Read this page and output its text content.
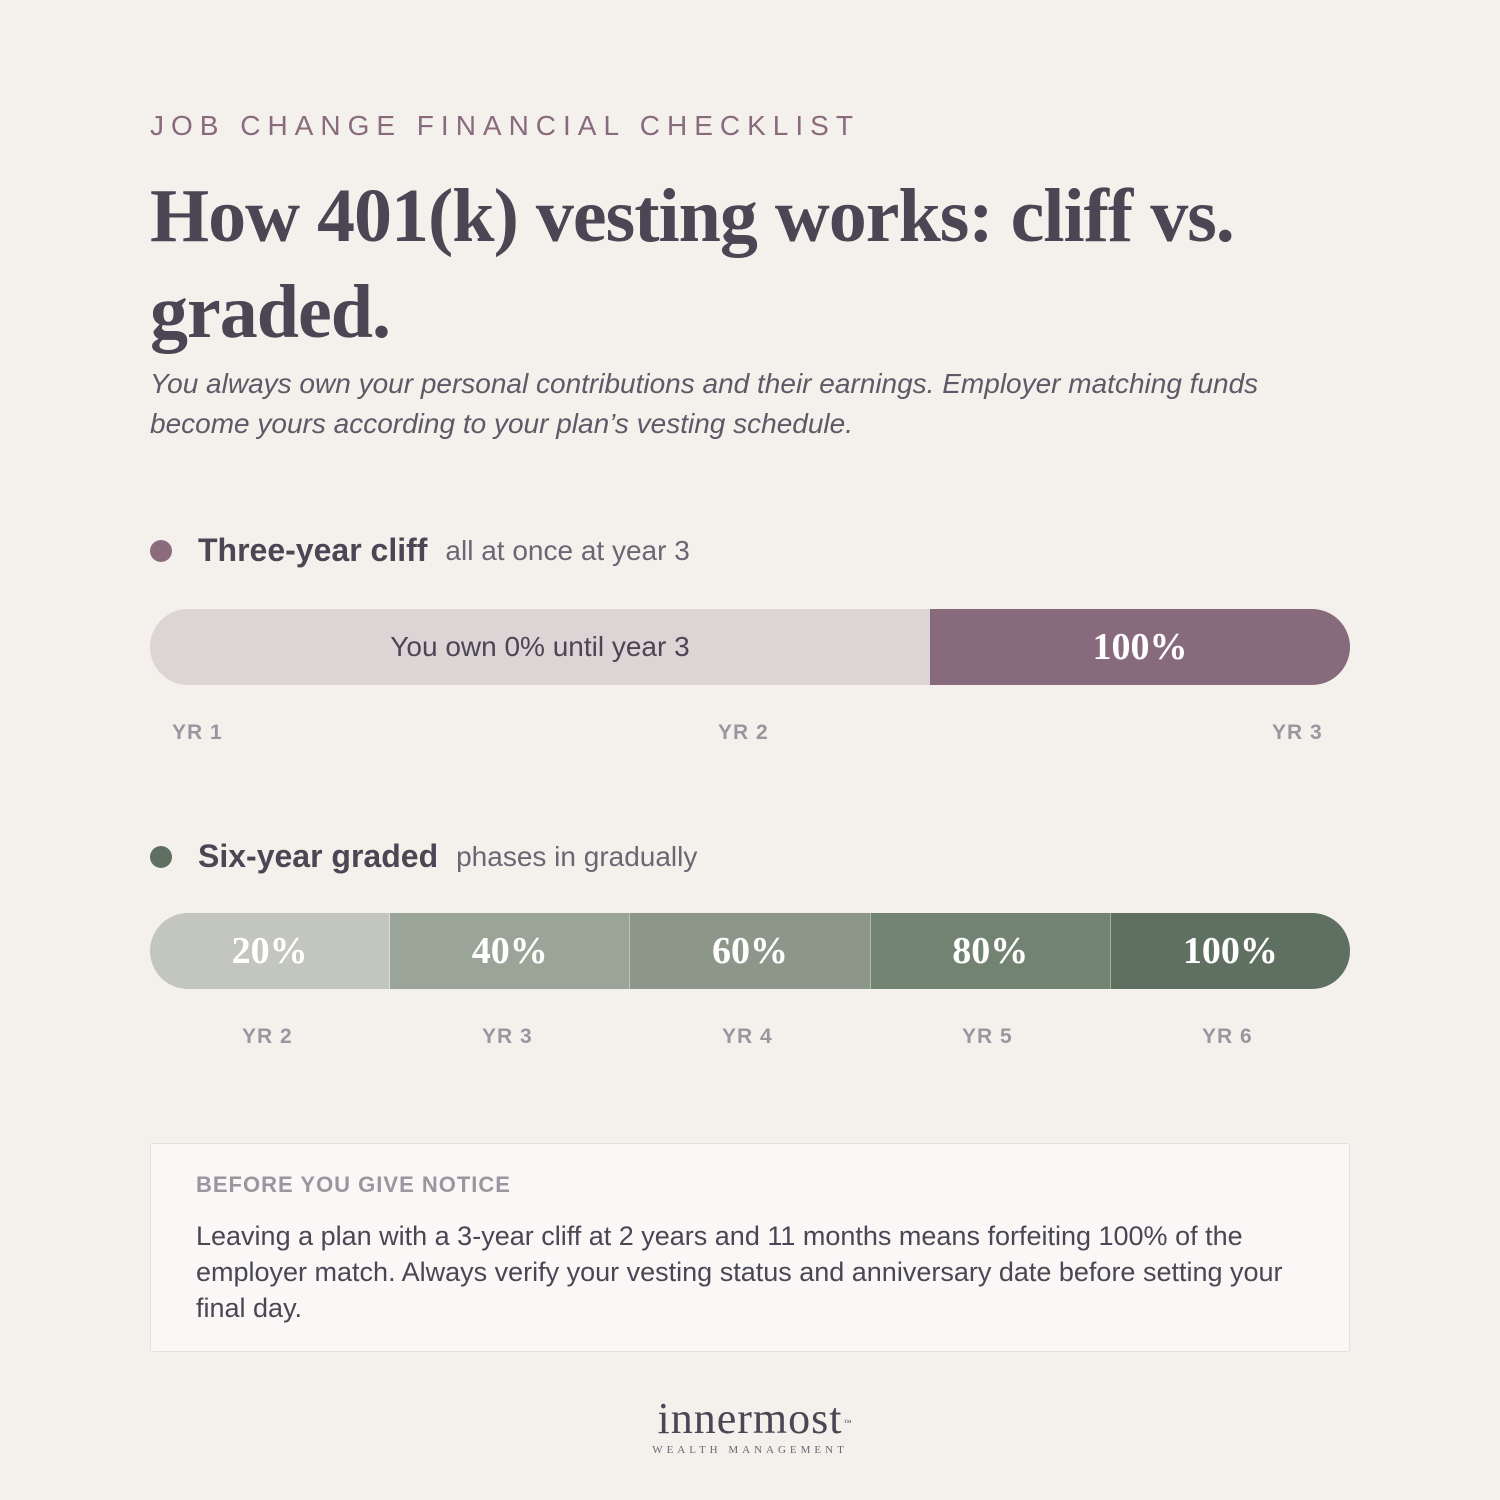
JOB CHANGE FINANCIAL CHECKLIST
How 401(k) vesting works: cliff vs. graded.

You always own your personal contributions and their earnings. Employer matching funds become yours according to your plan’s vesting schedule.

Three-year cliff all at once at year 3
You own 0% until year 3	100%
YR 1	YR 2	YR 3
Six-year graded phases in gradually
20%	40%	60%	80%	100%
YR 2	YR 3	YR 4	YR 5	YR 6
BEFORE YOU GIVE NOTICE

Leaving a plan with a 3-year cliff at 2 years and 11 months means forfeiting 100% of the employer match. Always verify your vesting status and anniversary date before setting your final day.

innermost ™
WEALTH MANAGEMENT
